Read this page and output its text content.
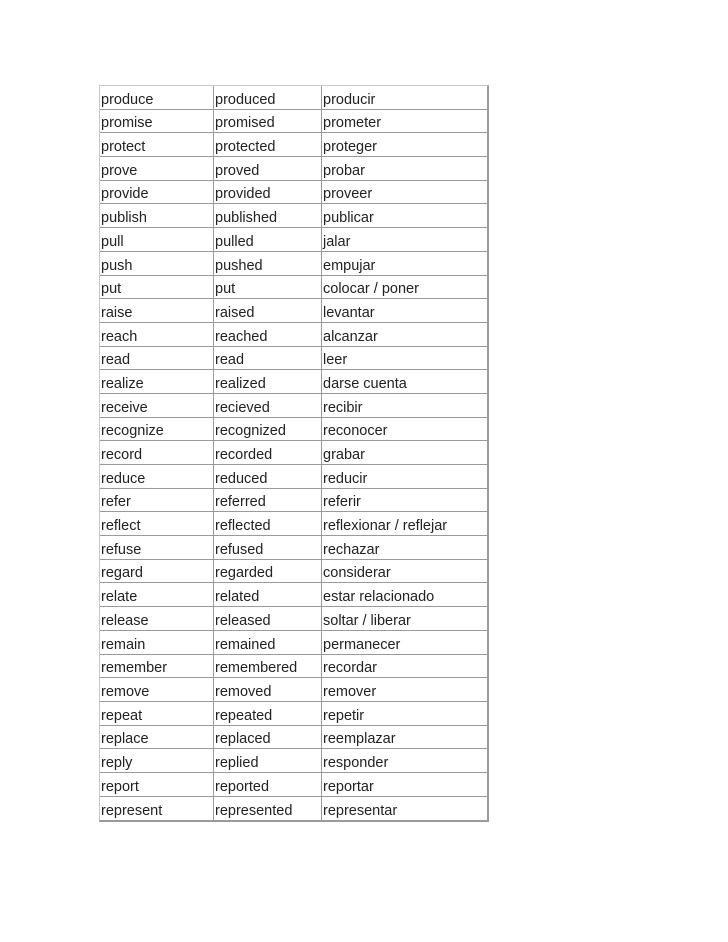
produce	produced	producir
promise	promised	prometer
protect	protected	proteger
prove	proved	probar
provide	provided	proveer
publish	published	publicar
pull	pulled	jalar
push	pushed	empujar
put	put	colocar / poner
raise	raised	levantar
reach	reached	alcanzar
read	read	leer
realize	realized	darse cuenta
receive	recieved	recibir
recognize	recognized	reconocer
record	recorded	grabar
reduce	reduced	reducir
refer	referred	referir
reflect	reflected	reflexionar / reflejar
refuse	refused	rechazar
regard	regarded	considerar
relate	related	estar relacionado
release	released	soltar / liberar
remain	remained	permanecer
remember	remembered	recordar
remove	removed	remover
repeat	repeated	repetir
replace	replaced	reemplazar
reply	replied	responder
report	reported	reportar
represent	represented	representar
